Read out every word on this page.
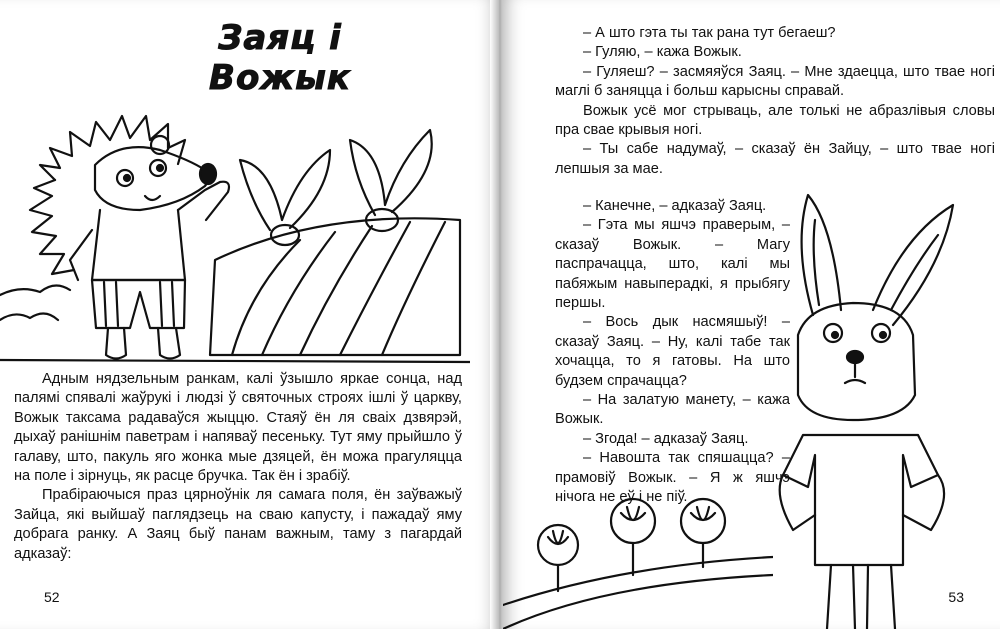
Заяц і Вожык

Адным нядзельным ранкам, калі ўзышло яркае сонца, над палямі спявалі жаўрукі і людзі ў святочных строях ішлі ў царкву, Вожык таксама радаваўся жыццю. Стаяў ён ля сваіх дзвярэй, дыхаў ранішнім паветрам і напяваў песеньку. Тут яму прыйшло ў галаву, што, пакуль яго жонка мые дзяцей, ён можа прагуляцца на поле і зірнуць, як расце бручка. Так ён і зрабіў.

Прабіраючыся праз цярноўнік ля самага поля, ён заўважыў Зайца, які выйшаў паглядзець на сваю капусту, і пажадаў яму добрага ранку. А Заяц быў панам важным, таму з пагардай адказаў:

52

– А што гэта ты так рана тут бегаеш?

– Гуляю, – кажа Вожык.

– Гуляеш? – засмяяўся Заяц. – Мне здаецца, што твае ногі маглі б заняцца і больш карысны справай.

Вожык усё мог стрываць, але толькі не абразлівыя словы пра свае крывыя ногі.

– Ты сабе надумаў, – сказаў ён Зайцу, – што твае ногі лепшыя за мае.

– Канечне, – адказаў Заяц.

– Гэта мы яшчэ праверым, – сказаў Вожык. – Магу паспрачацца, што, калі мы пабяжым навыперадкі, я прыбягу першы.

– Вось дык насмяшыў! – сказаў Заяц. – Ну, калі табе так хочацца, то я гатовы. На што будзем спрачацца?

– На залатую манету, – кажа Вожык.

– Згода! – адказаў Заяц.

– Навошта так спяшацца? – прамовіў Вожык. – Я ж яшчэ нічога не еў і не піў.

53
